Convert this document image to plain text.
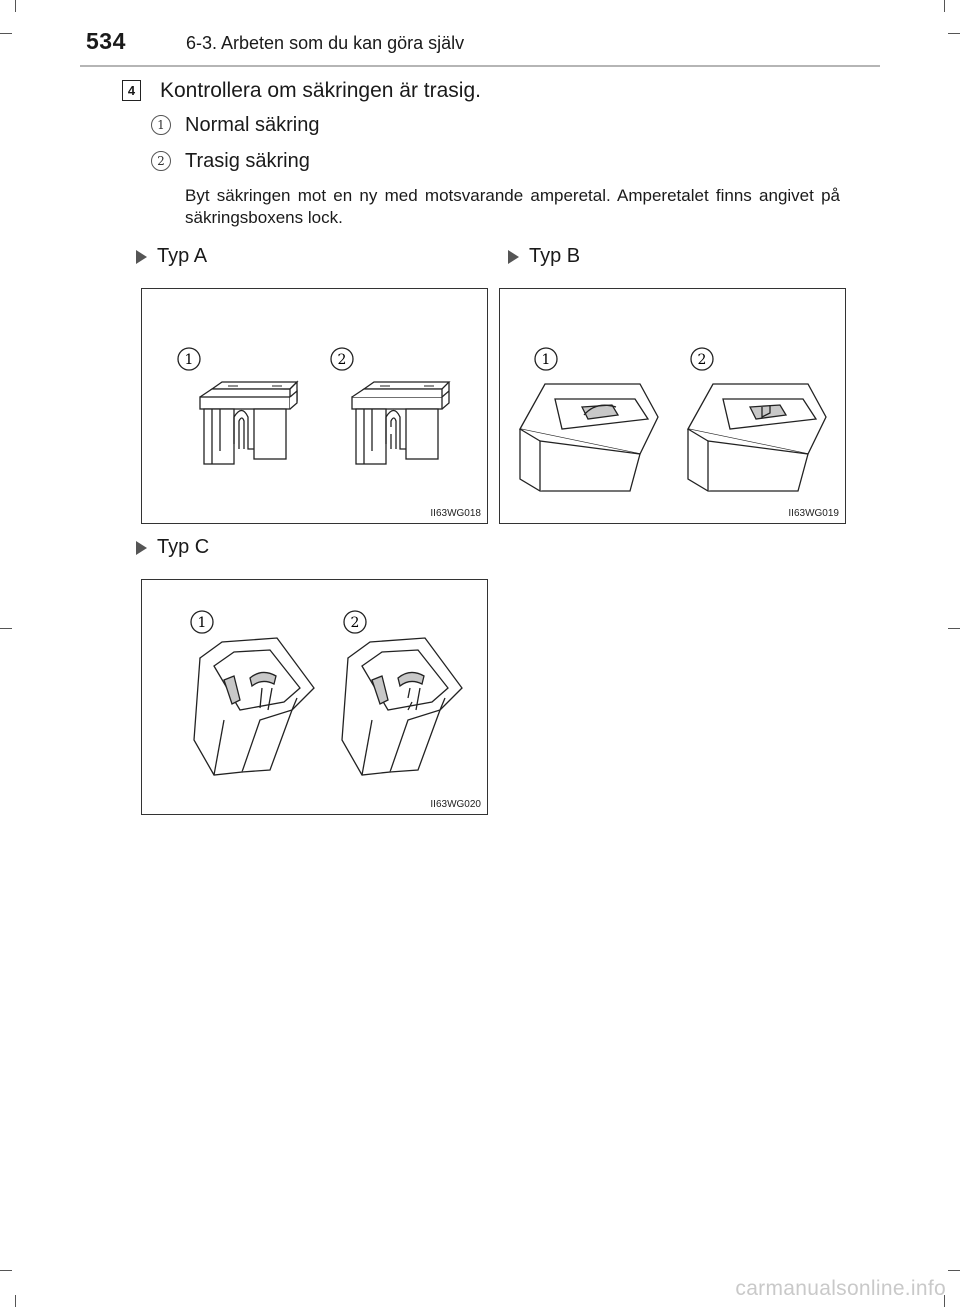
534	6-3. Arbeten som du kan göra själv
4 Kontrollera om säkringen är trasig.
1	Normal säkring
2	Trasig säkring
Byt säkringen mot en ny med motsvarande amperetal. Amperetalet finns angivet på säkringsboxens lock.
Typ A	Typ B
Typ C
1	2
II63WG018
1	2
II63WG019
1	2
II63WG020
carmanualsonline.info
